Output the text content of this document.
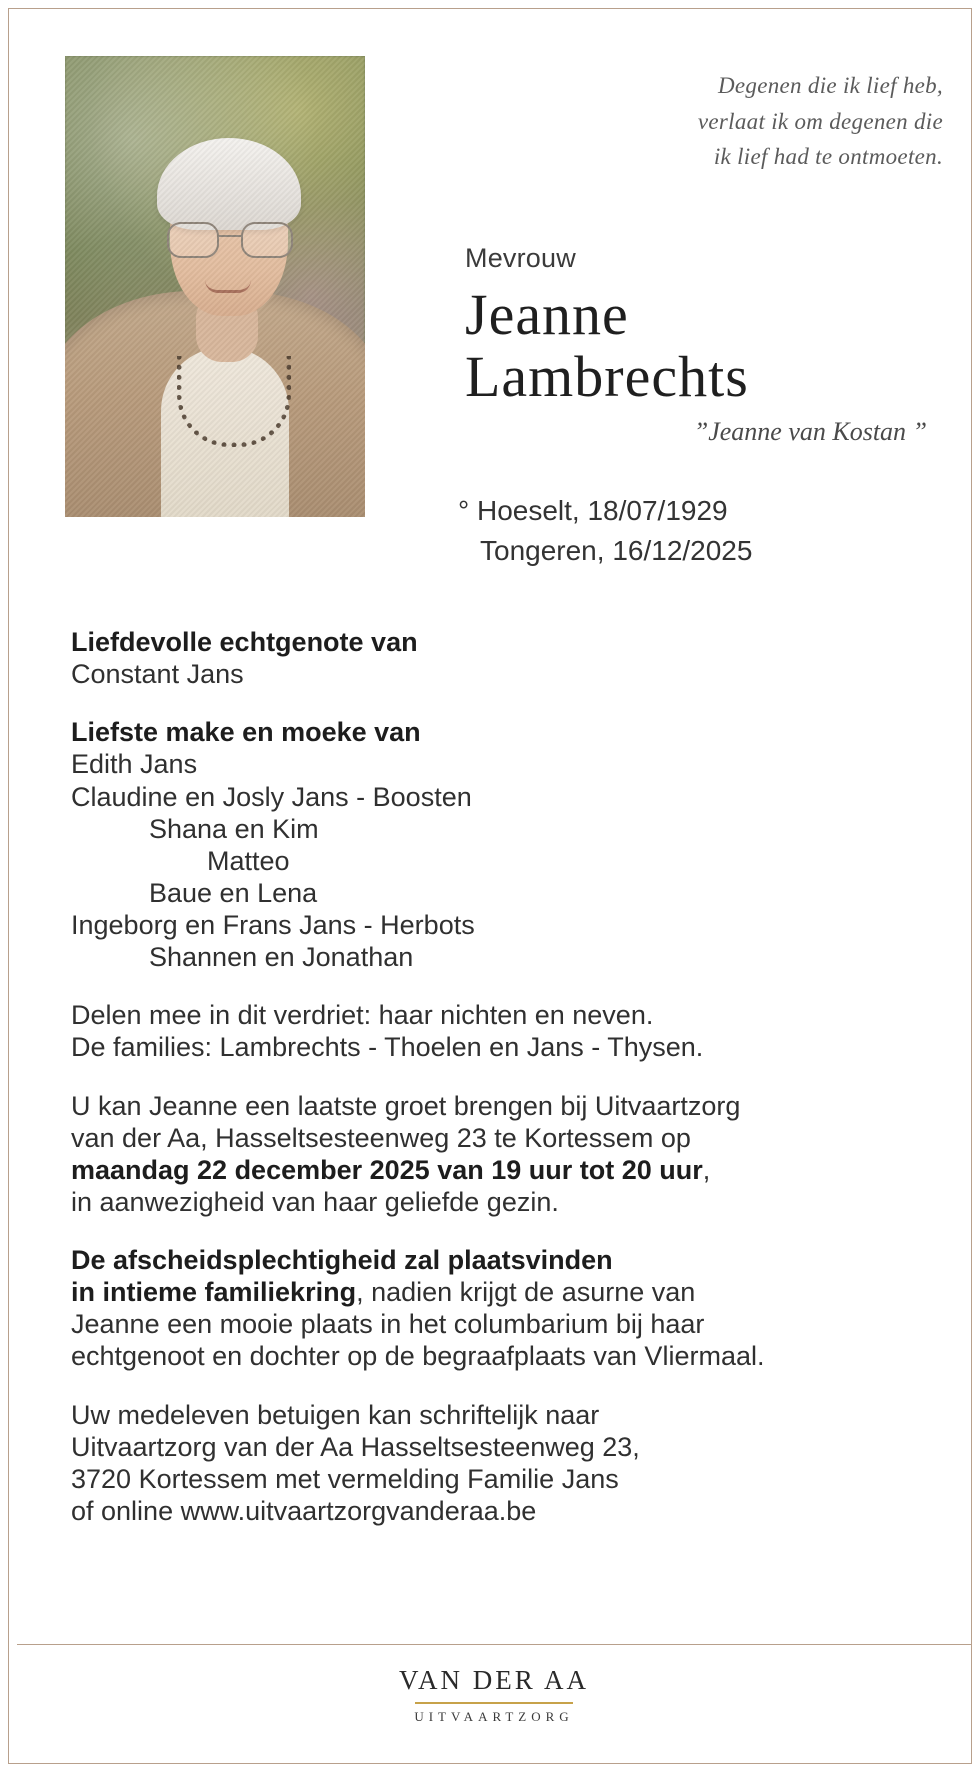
Degenen die ik lief heb,
verlaat ik om degenen die
ik lief had te ontmoeten.
Mevrouw
Jeanne
Lambrechts
”Jeanne van Kostan ”
° Hoeselt, 18/07/1929
Tongeren, 16/12/2025
Liefdevolle echtgenote van
Constant Jans
Liefste make en moeke van
Edith Jans
Claudine en Josly Jans - Boosten
Shana en Kim
Matteo
Baue en Lena
Ingeborg en Frans Jans - Herbots
Shannen en Jonathan
Delen mee in dit verdriet: haar nichten en neven.
De families: Lambrechts - Thoelen en Jans - Thysen.
U kan Jeanne een laatste groet brengen bij Uitvaartzorg
van der Aa, Hasseltsesteenweg 23 te Kortessem op
maandag 22 december 2025 van 19 uur tot 20 uur,
in aanwezigheid van haar geliefde gezin.
De afscheidsplechtigheid zal plaatsvinden
in intieme familiekring, nadien krijgt de asurne van
Jeanne een mooie plaats in het columbarium bij haar
echtgenoot en dochter op de begraafplaats van Vliermaal.
Uw medeleven betuigen kan schriftelijk naar
Uitvaartzorg van der Aa Hasseltsesteenweg 23,
3720 Kortessem met vermelding Familie Jans
of online www.uitvaartzorgvanderaa.be
VAN DER AA
UITVAARTZORG
